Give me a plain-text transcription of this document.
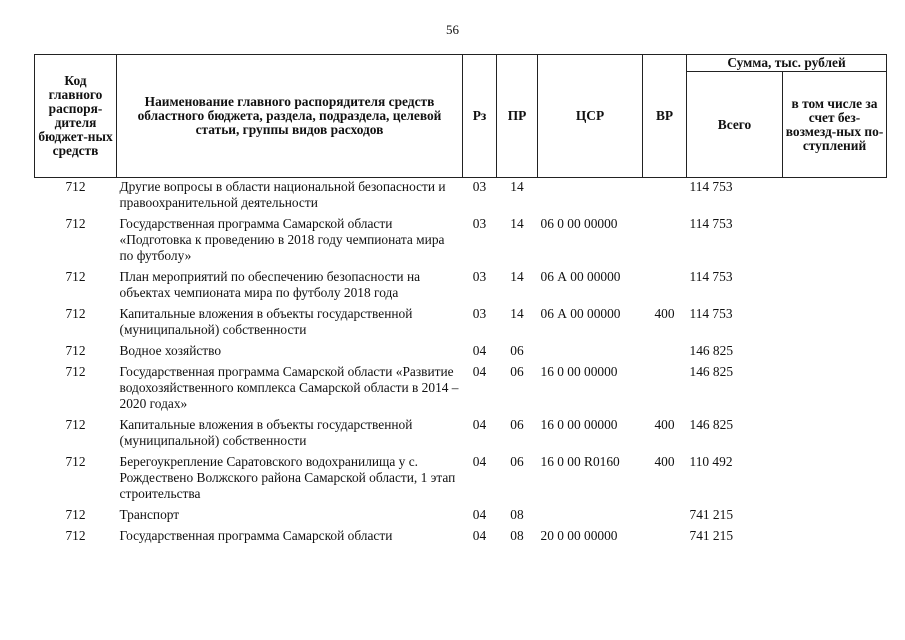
56
Код главного распоря-дителя бюджет-ных средств	Наименование главного распорядителя средств областного бюджета, раздела, подраздела, целевой статьи, группы видов расходов	Рз	ПР	ЦСР	ВР	Сумма, тыс. рублей	
						Всего	в том числе за счет без-возмезд-ных по-ступлений
712	Другие вопросы в области национальной безопасности и правоохранительной деятельности	03	14			114 753	
712	Государственная программа Самарской области «Подготовка к проведению в 2018 году чемпионата мира по футболу»	03	14	06 0 00 00000		114 753	
712	План мероприятий по обеспечению безопасности на объектах чемпионата мира по футболу 2018 года	03	14	06 А 00 00000		114 753	
712	Капитальные вложения в объекты государственной (муниципальной) собственности	03	14	06 А 00 00000	400	114 753	
712	Водное хозяйство	04	06			146 825	
712	Государственная программа Самарской области «Развитие водохозяйственного комплекса Самарской области в 2014 – 2020 годах»	04	06	16 0 00 00000		146 825	
712	Капитальные вложения в объекты государственной (муниципальной) собственности	04	06	16 0 00 00000	400	146 825	
712	Берегоукрепление Саратовского водохранилища у с. Рождествено Волжского района Самарской области, 1 этап строительства	04	06	16 0 00 R0160	400	110 492	
712	Транспорт	04	08			741 215	
712	Государственная программа Самарской области	04	08	20 0 00 00000		741 215	
